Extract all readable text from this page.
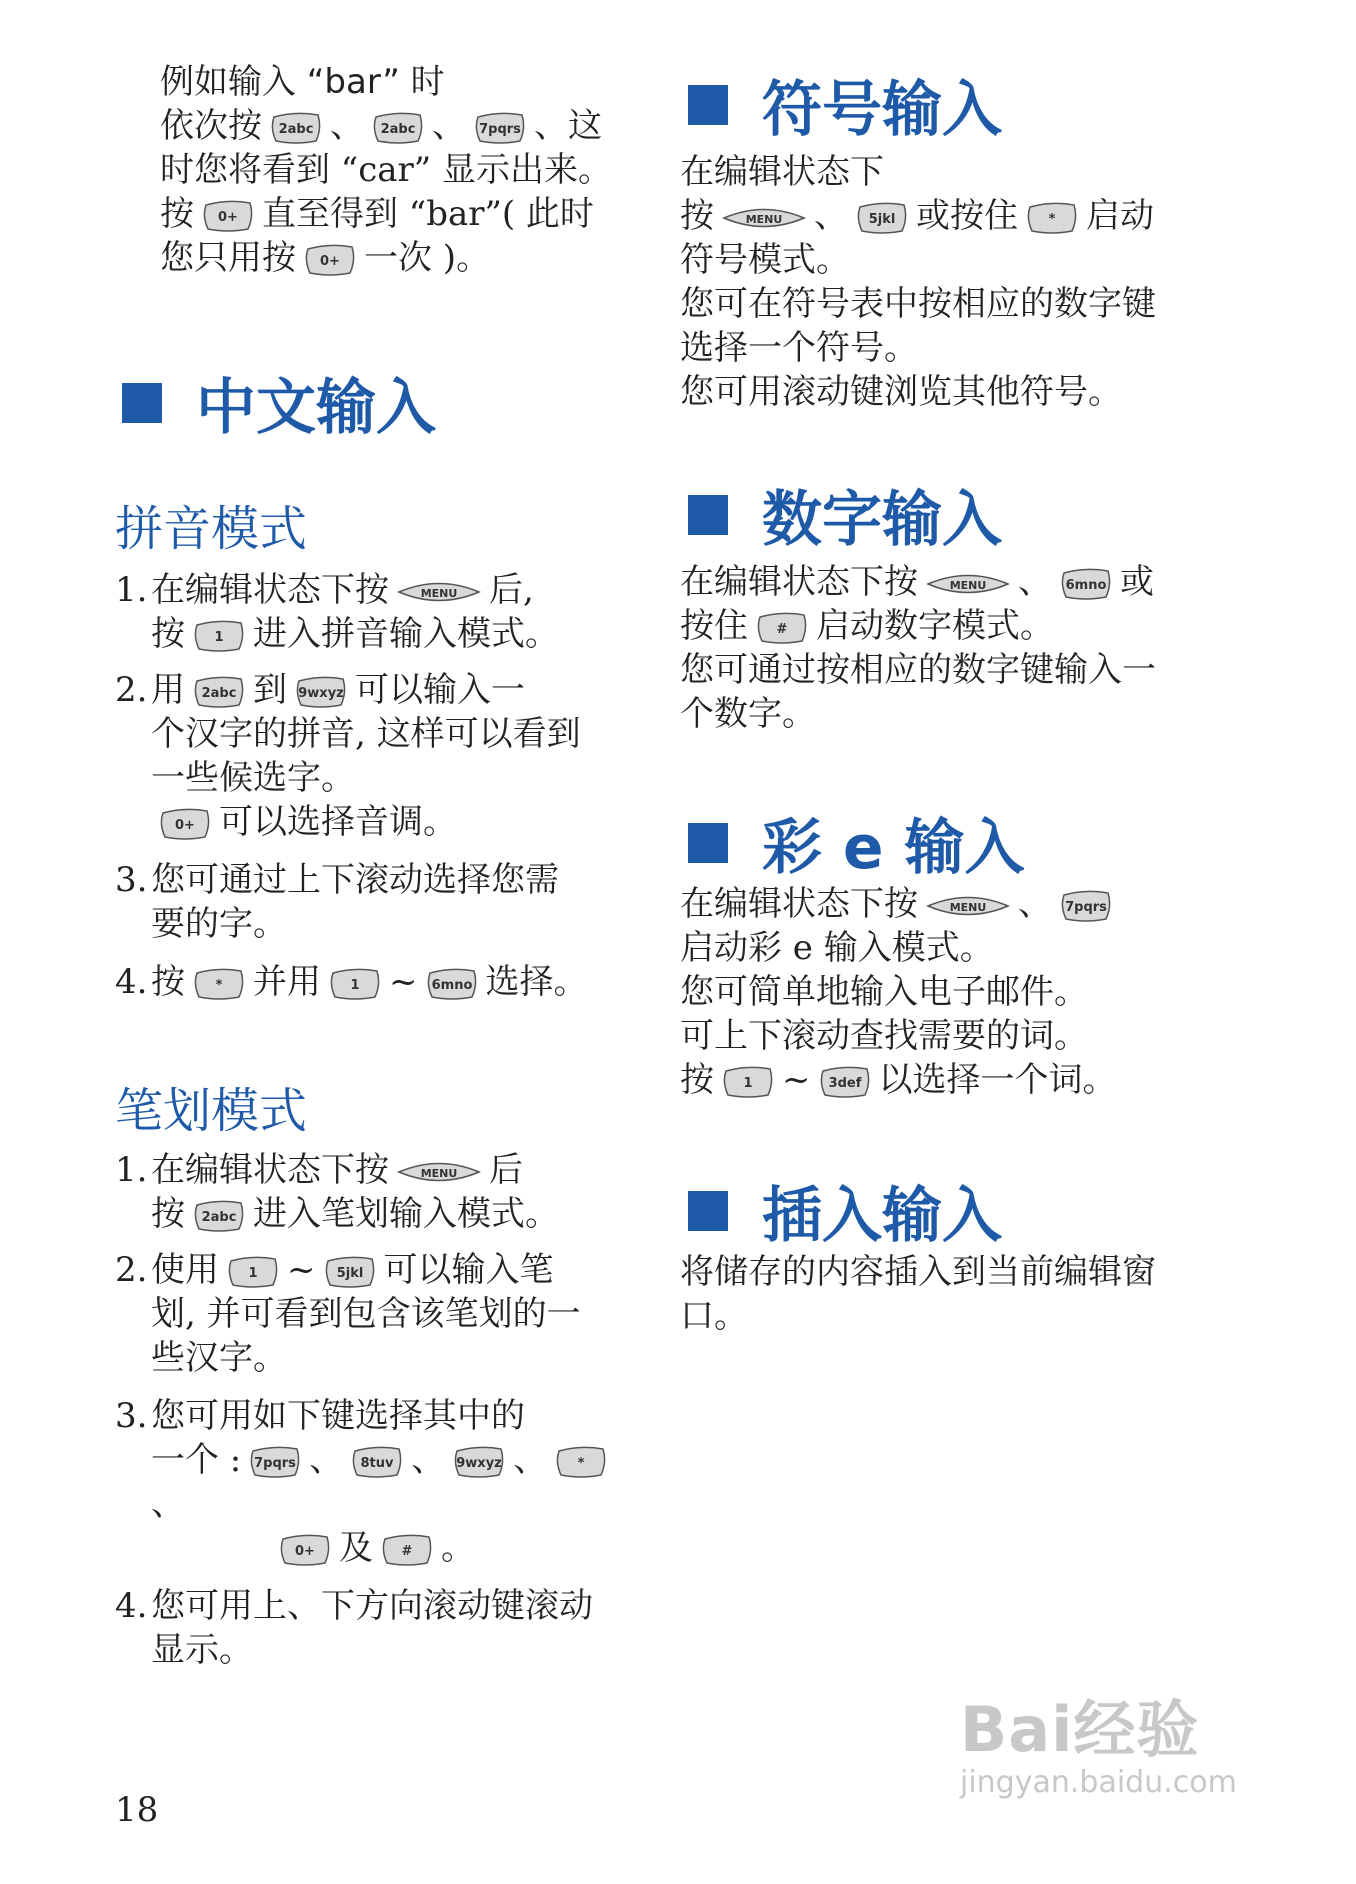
例如输入 “bar” 时

依次按 2abc 、 2abc 、 7pqrs 、这

时您将看到 “car” 显示出来。

按 0+ 直至得到 “bar”( 此时

您只用按 0+ 一次 )。

中文输入
拼音模式
1. 在编辑状态下按	MENU 后,
按 1 进入拼音输入模式。
2. 用 2abc 到 9wxyz 可以输入一
个汉字的拼音, 这样可以看到
一些候选字。

0+ 可以选择音调。
3. 您可通过上下滚动选择您需
要的字。
4. 按 * 并用 1 ~ 6mno 选择。
笔划模式
1. 在编辑状态下按	MENU 后
按 2abc 进入笔划输入模式。
2. 使用 1 ~ 5jkl 可以输入笔
划, 并可看到包含该笔划的一
些汉字。
3. 您可用如下键选择其中的
一个 : 7pqrs 、 8tuv 、 9wxyz 、 *
、

0+ 及 # 。
4. 您可用上、下方向滚动键滚动
显示。
符号输入

在编辑状态下

按	MENU 、 5jkl 或按住 * 启动

符号模式。

您可在符号表中按相应的数字键

选择一个符号。

您可用滚动键浏览其他符号。

数字输入

在编辑状态下按	MENU 、 6mno 或

按住 # 启动数字模式。

您可通过按相应的数字键输入一

个数字。

彩 e 输入

在编辑状态下按	MENU 、 7pqrs

启动彩 e 输入模式。

您可简单地输入电子邮件。

可上下滚动查找需要的词。

按 1 ~ 3def 以选择一个词。

插入输入

将储存的内容插入到当前编辑窗

口。

18
Bai经验
jingyan.baidu.com
